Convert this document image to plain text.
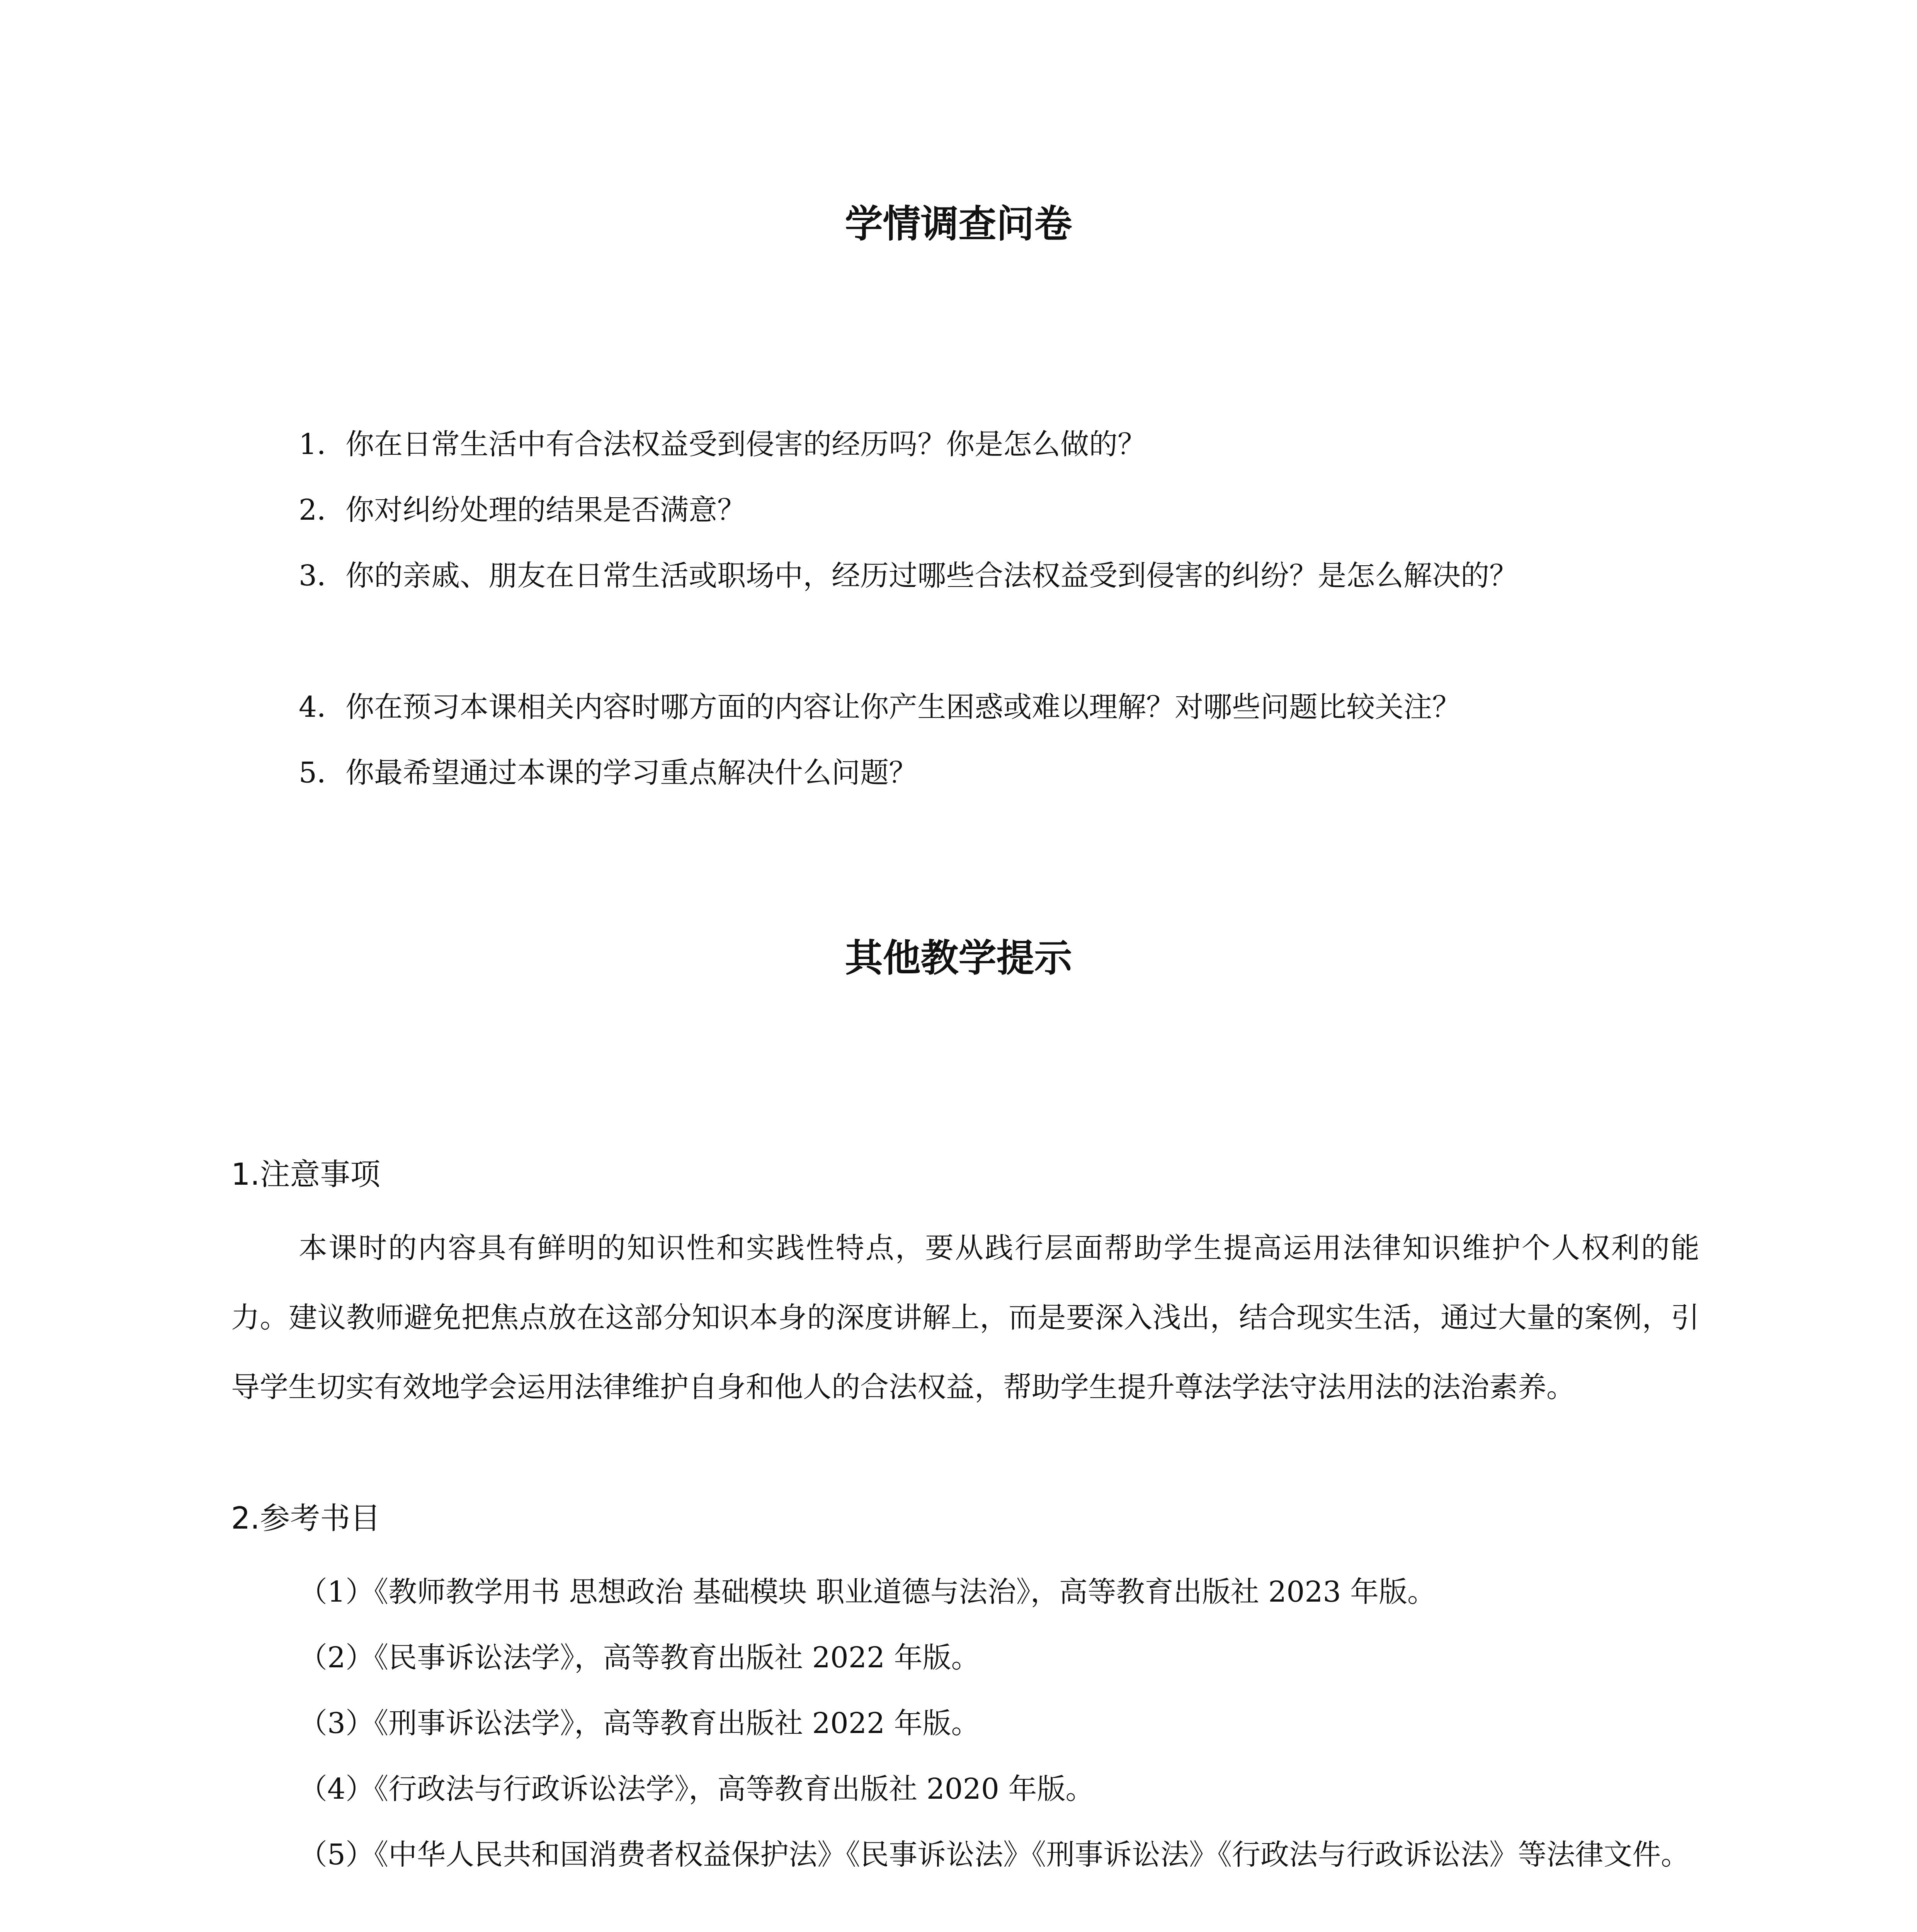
学情调查问卷

1．你在日常生活中有合法权益受到侵害的经历吗？你是怎么做的？

2．你对纠纷处理的结果是否满意？

3．你的亲戚、朋友在日常生活或职场中，经历过哪些合法权益受到侵害的纠纷？是怎么解决的？

4．你在预习本课相关内容时哪方面的内容让你产生困惑或难以理解？对哪些问题比较关注？

5．你最希望通过本课的学习重点解决什么问题？

其他教学提示
1.注意事项

本课时的内容具有鲜明的知识性和实践性特点，要从践行层面帮助学生提高运用法律知识维护个人权利的能力。建议教师避免把焦点放在这部分知识本身的深度讲解上，而是要深入浅出，结合现实生活，通过大量的案例，引导学生切实有效地学会运用法律维护自身和他人的合法权益，帮助学生提升尊法学法守法用法的法治素养。

2.参考书目

（1）《教师教学用书 思想政治 基础模块 职业道德与法治》，高等教育出版社 2023 年版。

（2）《民事诉讼法学》，高等教育出版社 2022 年版。

（3）《刑事诉讼法学》，高等教育出版社 2022 年版。

（4）《行政法与行政诉讼法学》，高等教育出版社 2020 年版。

（5）《中华人民共和国消费者权益保护法》《民事诉讼法》《刑事诉讼法》《行政法与行政诉讼法》等法律文件。
